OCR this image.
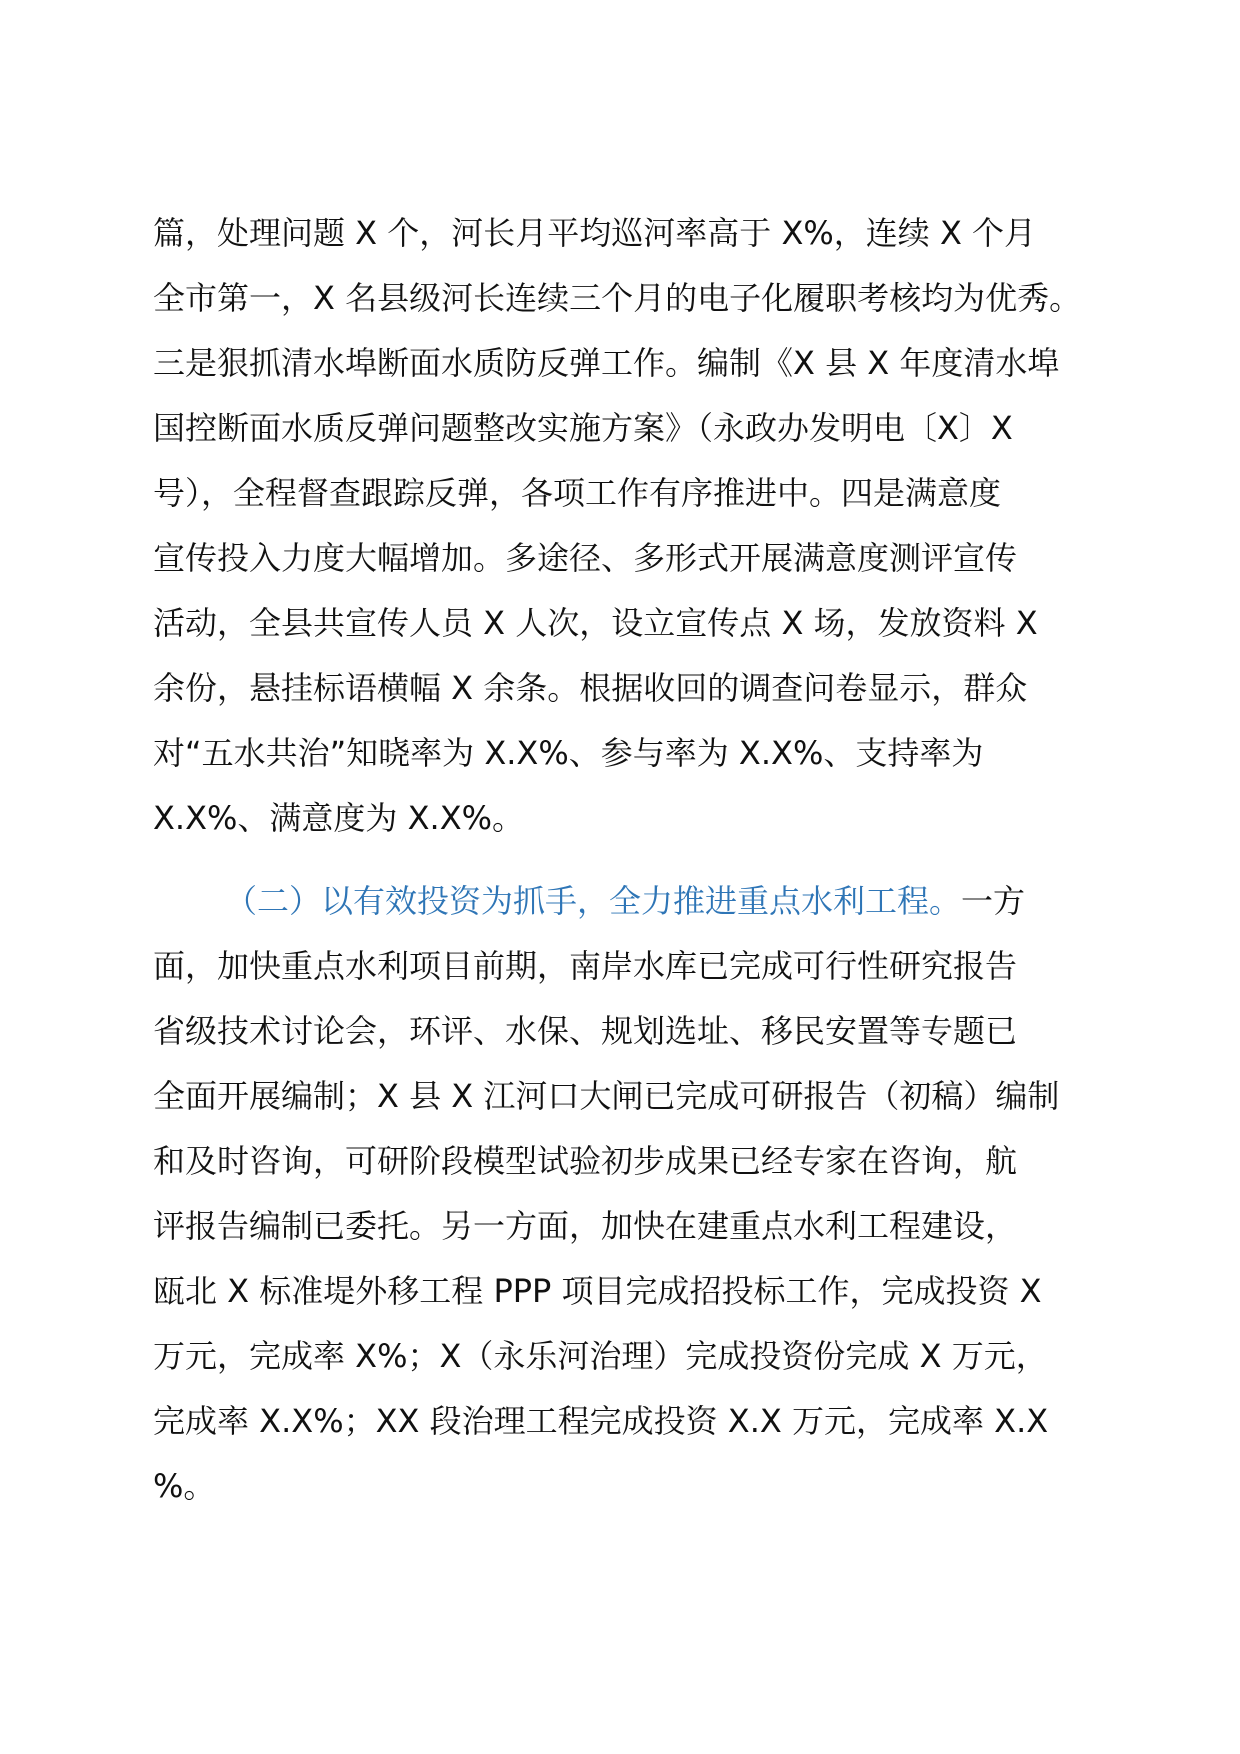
篇，处理问题 X 个，河长月平均巡河率高于 X%，连续 X 个月
全市第一，X 名县级河长连续三个月的电子化履职考核均为优秀。
三是狠抓清水埠断面水质防反弹工作。编制《X 县 X 年度清水埠
国控断面水质反弹问题整改实施方案》（永政办发明电〔X〕X
号），全程督查跟踪反弹，各项工作有序推进中。四是满意度
宣传投入力度大幅增加。多途径、多形式开展满意度测评宣传
活动，全县共宣传人员 X 人次，设立宣传点 X 场，发放资料 X
余份，悬挂标语横幅 X 余条。根据收回的调查问卷显示，群众
对“五水共治”知晓率为 X.X%、参与率为 X.X%、支持率为
X.X%、满意度为 X.X%。
（二）以有效投资为抓手，全力推进重点水利工程。一方
面，加快重点水利项目前期，南岸水库已完成可行性研究报告
省级技术讨论会，环评、水保、规划选址、移民安置等专题已
全面开展编制；X 县 X 江河口大闸已完成可研报告（初稿）编制
和及时咨询，可研阶段模型试验初步成果已经专家在咨询，航
评报告编制已委托。另一方面，加快在建重点水利工程建设，
瓯北 X 标准堤外移工程 PPP 项目完成招投标工作，完成投资 X
万元，完成率 X%；X（永乐河治理）完成投资份完成 X 万元，
完成率 X.X%；XX 段治理工程完成投资 X.X 万元，完成率 X.X
%。
